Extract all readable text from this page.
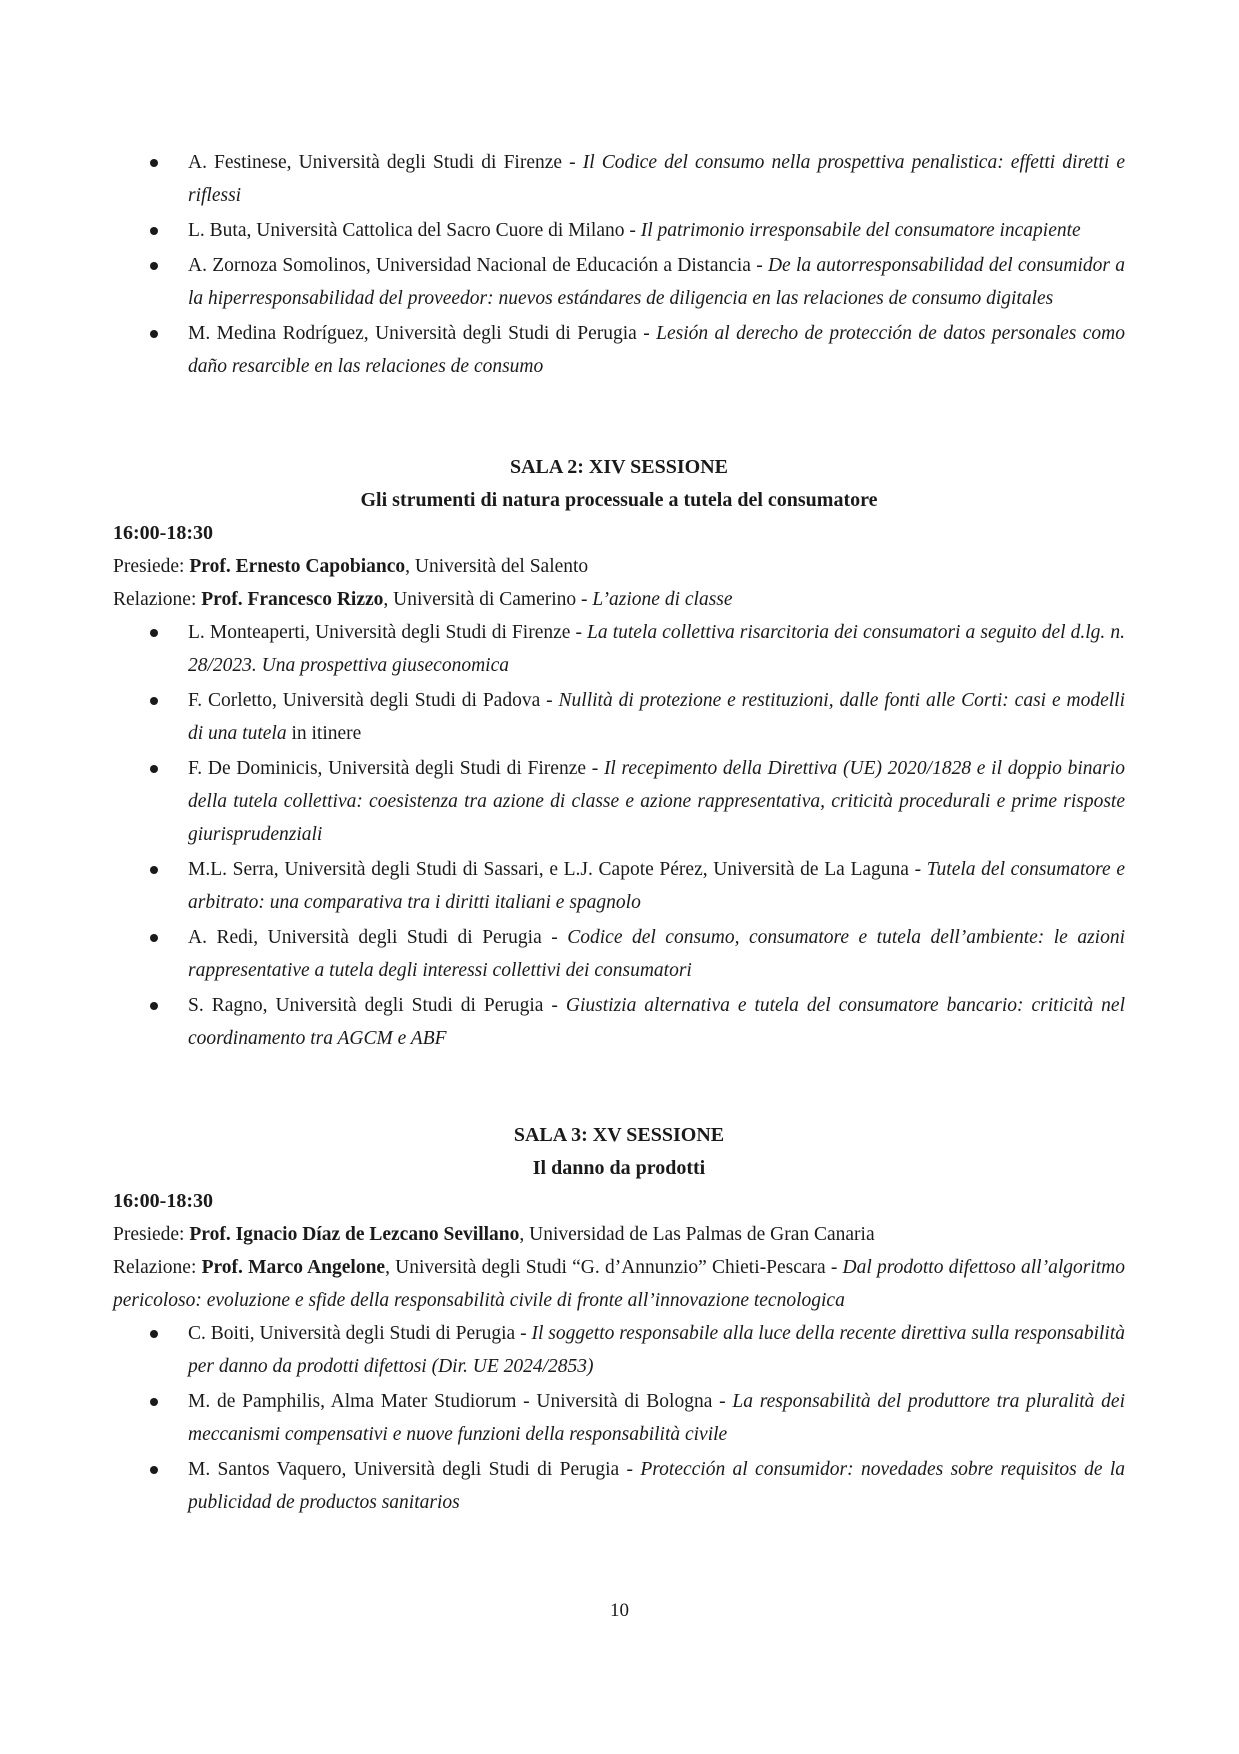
A. Festinese, Università degli Studi di Firenze - Il Codice del consumo nella prospettiva penalistica: effetti diretti e riflessi
L. Buta, Università Cattolica del Sacro Cuore di Milano - Il patrimonio irresponsabile del consumatore incapiente
A. Zornoza Somolinos, Universidad Nacional de Educación a Distancia - De la autorresponsabilidad del consumidor a la hiperresponsabilidad del proveedor: nuevos estándares de diligencia en las relaciones de consumo digitales
M. Medina Rodríguez, Università degli Studi di Perugia - Lesión al derecho de protección de datos personales como daño resarcible en las relaciones de consumo
SALA 2: XIV SESSIONE
Gli strumenti di natura processuale a tutela del consumatore
16:00-18:30
Presiede: Prof. Ernesto Capobianco, Università del Salento
Relazione: Prof. Francesco Rizzo, Università di Camerino - L’azione di classe
L. Monteaperti, Università degli Studi di Firenze - La tutela collettiva risarcitoria dei consumatori a seguito del d.lg. n. 28/2023. Una prospettiva giuseconomica
F. Corletto, Università degli Studi di Padova - Nullità di protezione e restituzioni, dalle fonti alle Corti: casi e modelli di una tutela in itinere
F. De Dominicis, Università degli Studi di Firenze - Il recepimento della Direttiva (UE) 2020/1828 e il doppio binario della tutela collettiva: coesistenza tra azione di classe e azione rappresentativa, criticità procedurali e prime risposte giurisprudenziali
M.L. Serra, Università degli Studi di Sassari, e L.J. Capote Pérez, Università de La Laguna - Tutela del consumatore e arbitrato: una comparativa tra i diritti italiani e spagnolo
A. Redi, Università degli Studi di Perugia - Codice del consumo, consumatore e tutela dell’ambiente: le azioni rappresentative a tutela degli interessi collettivi dei consumatori
S. Ragno, Università degli Studi di Perugia - Giustizia alternativa e tutela del consumatore bancario: criticità nel coordinamento tra AGCM e ABF
SALA 3: XV SESSIONE
Il danno da prodotti
16:00-18:30
Presiede: Prof. Ignacio Díaz de Lezcano Sevillano, Universidad de Las Palmas de Gran Canaria
Relazione: Prof. Marco Angelone, Università degli Studi “G. d’Annunzio” Chieti-Pescara - Dal prodotto difettoso all’algoritmo pericoloso: evoluzione e sfide della responsabilità civile di fronte all’innovazione tecnologica
C. Boiti, Università degli Studi di Perugia - Il soggetto responsabile alla luce della recente direttiva sulla responsabilità per danno da prodotti difettosi (Dir. UE 2024/2853)
M. de Pamphilis, Alma Mater Studiorum - Università di Bologna - La responsabilità del produttore tra pluralità dei meccanismi compensativi e nuove funzioni della responsabilità civile
M. Santos Vaquero, Università degli Studi di Perugia - Protección al consumidor: novedades sobre requisitos de la publicidad de productos sanitarios
10
